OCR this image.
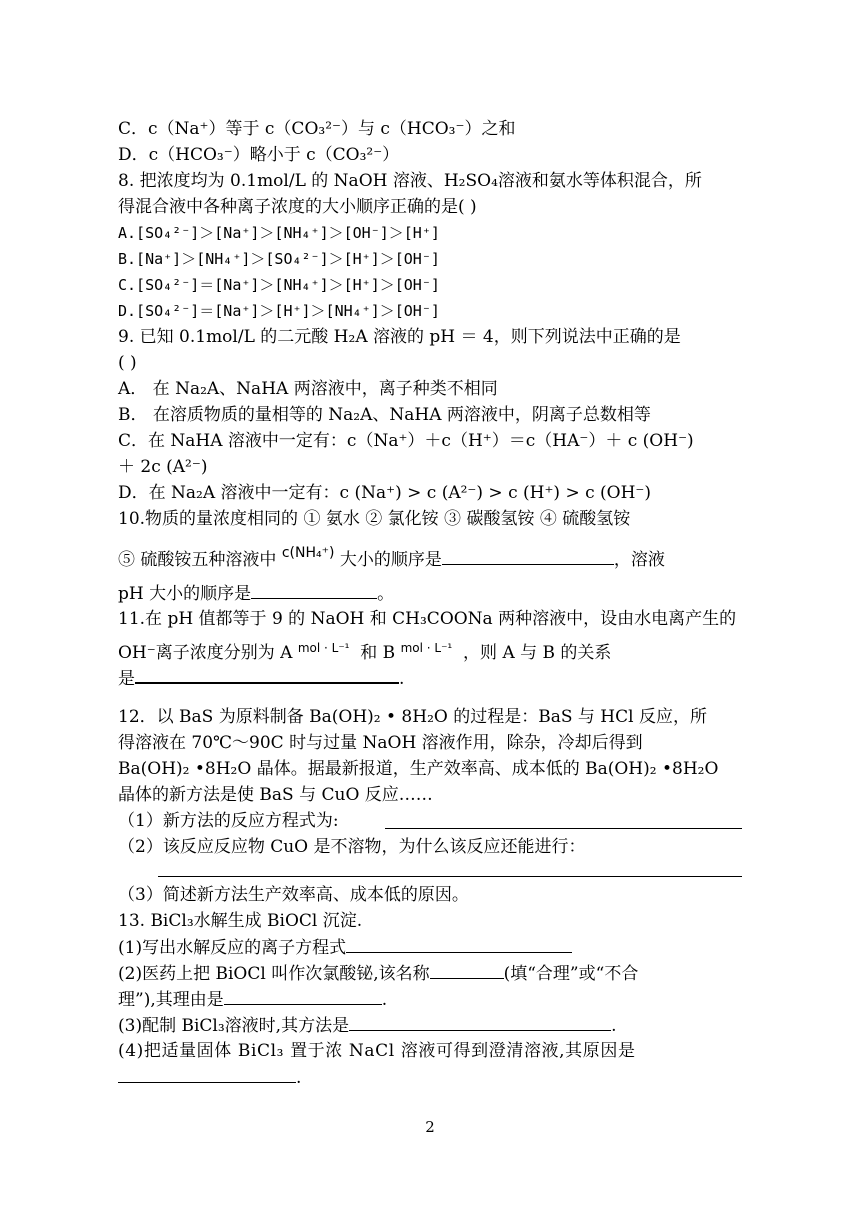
C．c（Na⁺）等于 c（CO₃²⁻）与 c（HCO₃⁻）之和
D．c（HCO₃⁻）略小于 c（CO₃²⁻）
8. 把浓度均为 0.1mol/L 的 NaOH 溶液、H₂SO₄溶液和氨水等体积混合，所
得混合液中各种离子浓度的大小顺序正确的是( )
A.[SO₄²⁻]＞[Na⁺]＞[NH₄⁺]＞[OH⁻]＞[H⁺]
B.[Na⁺]＞[NH₄⁺]＞[SO₄²⁻]＞[H⁺]＞[OH⁻]
C.[SO₄²⁻]＝[Na⁺]＞[NH₄⁺]＞[H⁺]＞[OH⁻]
D.[SO₄²⁻]＝[Na⁺]＞[H⁺]＞[NH₄⁺]＞[OH⁻]
9. 已知 0.1mol/L 的二元酸 H₂A 溶液的 pH ＝ 4，则下列说法中正确的是
( )
A． 在 Na₂A、NaHA 两溶液中，离子种类不相同
B． 在溶质物质的量相等的 Na₂A、NaHA 两溶液中，阴离子总数相等
C．在 NaHA 溶液中一定有：c（Na⁺）＋c（H⁺）＝c（HA⁻）＋ c (OH⁻)
＋ 2c (A²⁻)
D．在 Na₂A 溶液中一定有：c (Na⁺) > c (A²⁻) > c (H⁺) > c (OH⁻)
10.物质的量浓度相同的 ① 氨水 ② 氯化铵 ③ 碳酸氢铵 ④ 硫酸氢铵
⑤ 硫酸铵五种溶液中 $^{c(NH_4^+)}$ 大小的顺序是	，溶液
pH 大小的顺序是	。
11.在 pH 值都等于 9 的 NaOH 和 CH₃COONa 两种溶液中，设由水电离产生的
OH⁻离子浓度分别为 A $^{mol \cdot L^{-1}}$ 和 B $^{mol \cdot L^{-1}}$ ，则 A 与 B 的关系
是	.
12．以 BaS 为原料制备 Ba(OH)₂ • 8H₂O 的过程是：BaS 与 HCl 反应，所
得溶液在 70℃～90C 时与过量 NaOH 溶液作用，除杂，冷却后得到
Ba(OH)₂ •8H₂O 晶体。据最新报道，生产效率高、成本低的 Ba(OH)₂ •8H₂O
晶体的新方法是使 BaS 与 CuO 反应……
（1）新方法的反应方程式为:
（2）该反应反应物 CuO 是不溶物，为什么该反应还能进行：
（3）简述新方法生产效率高、成本低的原因。
13. BiCl₃水解生成 BiOCl 沉淀.
(1)写出水解反应的离子方程式
(2)医药上把 BiOCl 叫作次氯酸铋,该名称	(填“合理”或“不合
理”),其理由是	.
(3)配制 BiCl₃溶液时,其方法是	.
(4)把适量固体 BiCl₃ 置于浓 NaCl 溶液可得到澄清溶液,其原因是
.
2
